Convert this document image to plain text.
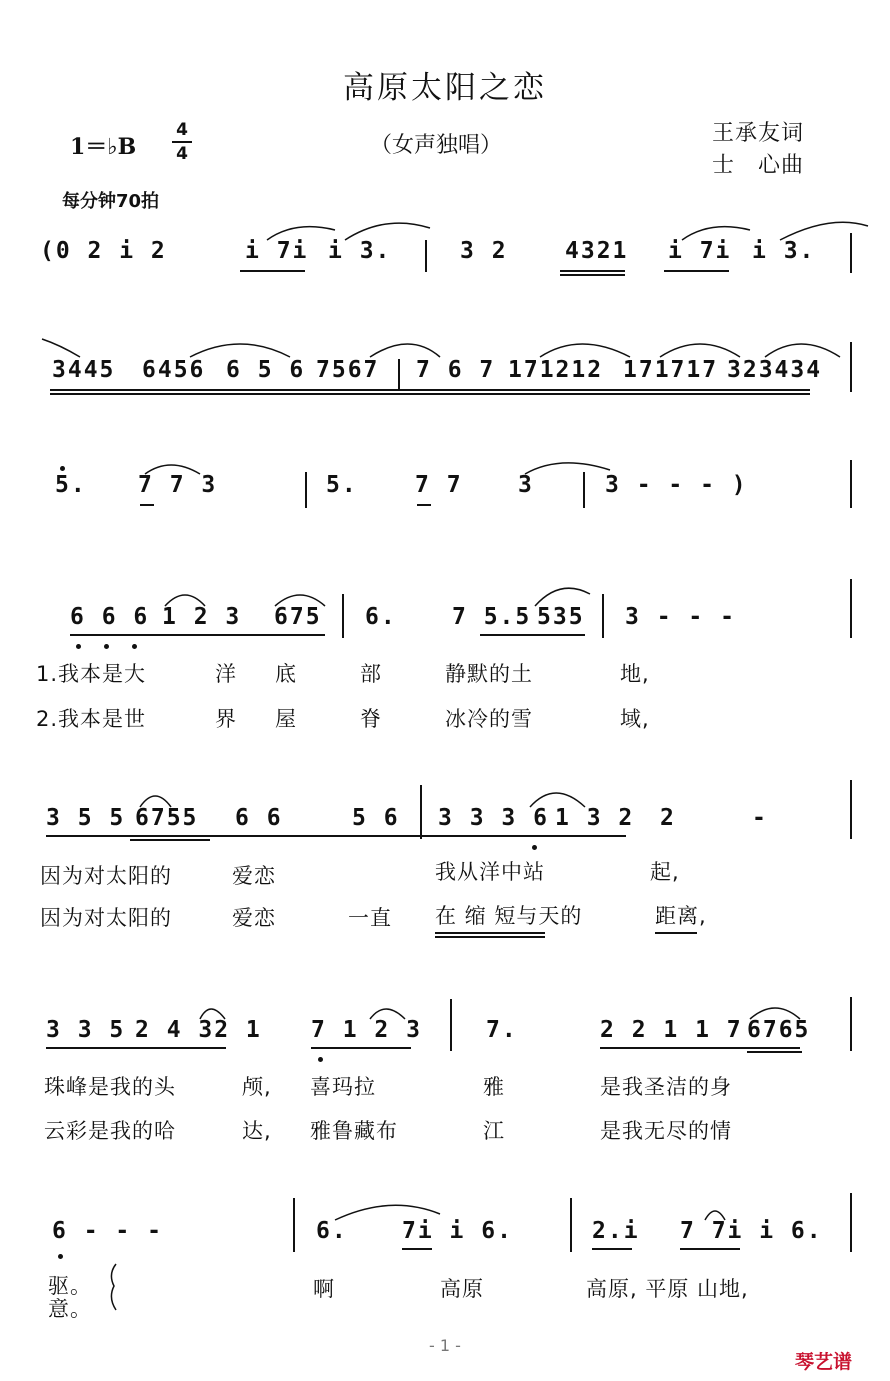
高原太阳之恋
1＝♭B
4
4	（女声独唱）	王承友词
士　心曲
每分钟70拍
(0 2 i 2	i 7i i 3.	3 2 4321 i 7i i 3.
3445 6456 6 5 6 7567 7 6 7 171212 171717 323434
5. 7 7 3	5. 7 7 3	3 - - - )
6 6 6 1 2 3 675 6. 7 5.5 535 3 - - -
1.我本是大	洋 底	部	静默的土	地,
2.我本是世	界 屋	脊	冰冷的雪	域,
3 5 5 6755 6 6	5 6 3 3 3 6 1 3 2 2	-
因为对太阳的	爱恋	我从洋中站	起,
因为对太阳的	爱恋	一直 在 缩 短与天的	距离,
3 3 5 2 4 32 1 7 1 2 3	7.	2 2 1 1 7 6765
珠峰是我的头	颅, 喜玛拉	雅	是我圣洁的身
云彩是我的哈	达, 雅鲁藏布	江	是我无尽的情
6 - - -	6. 7i i 6.	2.i 7 7i i 6.
驱。
意。
啊	高原	高原, 平原 山地,
- 1 -
琴艺谱
